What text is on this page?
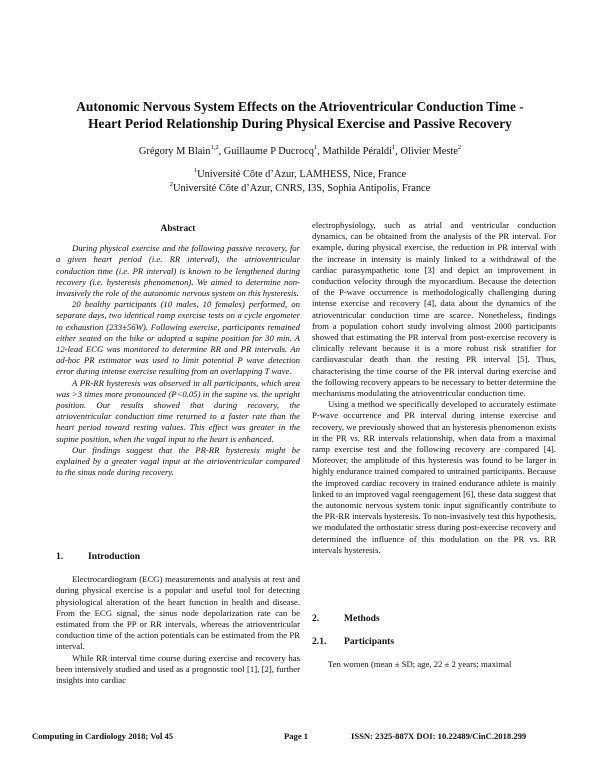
Autonomic Nervous System Effects on the Atrioventricular Conduction Time -
Heart Period Relationship During Physical Exercise and Passive Recovery
Grégory M Blain$^{1,2}$, Guillaume P Ducrocq$^1$, Mathilde Péraldi$^1$, Olivier Meste$^2$
$^1$Université Côte d’Azur, LAMHESS, Nice, France
$^2$Université Côte d’Azur, CNRS, I3S, Sophia Antipolis, France
Abstract

During physical exercise and the following passive recovery, for a given heart period (i.e. RR interval), the atrioventricular conduction time (i.e. PR interval) is known to be lengthened during recovery (i.e. hysteresis phenomenon). We aimed to determine non-invasively the role of the autonomic nervous system on this hysteresis.

20 healthy participants (10 males, 10 females) performed, on separate days, two identical ramp exercise tests on a cycle ergometer to exhaustion (233±56W). Following exercise, participants remained either seated on the bike or adopted a supine position for 30 min. A 12-lead ECG was monitored to determine RR and PR intervals. An ad-hoc PR estimator was used to limit potential P wave detection error during intense exercise resulting from an overlapping T wave.

A PR-RR hysteresis was observed in all participants, which area was >3 times more pronounced (P<0.05) in the supine vs. the upright position. Our results showed that during recovery, the atrioventricular conduction time returned to a faster rate than the heart period toward resting values. This effect was greater in the supine position, when the vagal input to the heart is enhanced.

Our findings suggest that the PR-RR hysteresis might be explained by a greater vagal input at the atrioventricular compared to the sinus node during recovery.

1.	Introduction

Electrocardiogram (ECG) measurements and analysis at rest and during physical exercise is a popular and useful tool for detecting physiological alteration of the heart function in health and disease. From the ECG signal, the sinus node depolarization rate can be estimated from the PP or RR intervals, whereas the atrioventricular conduction time of the action potentials can be estimated from the PR interval.

While RR interval time course during exercise and recovery has been intensively studied and used as a prognostic tool [1], [2], further insights into cardiac

electrophysiology, such as atrial and ventricular conduction dynamics, can be obtained from the analysis of the PR interval. For example, during physical exercise, the reduction in PR interval with the increase in intensity is mainly linked to a withdrawal of the cardiac parasympathetic tone [3] and depict an improvement in conduction velocity through the myocardium. Because the detection of the P-wave occurrence is methodologically challenging during intense exercise and recovery [4], data about the dynamics of the atrioventricular conduction time are scarce. Nonetheless, findings from a population cohort study involving almost 2000 participants showed that estimating the PR interval from post-exercise recovery is clinically relevant because it is a more robust risk stratifier for cardiovascular death than the resting PR interval [5]. Thus, characterising the time course of the PR interval during exercise and the following recovery appears to be necessary to better determine the mechanisms modulating the atrioventricular conduction time.

Using a method we specifically developed to accurately estimate P-wave occurrence and PR interval during intense exercise and recovery, we previously showed that an hysteresis phenomenon exists in the PR vs. RR intervals relationship, when data from a maximal ramp exercise test and the following recovery are compared [4]. Moreover, the amplitude of this hysteresis was found to be larger in highly endurance trained compared to untrained participants. Because the improved cardiac recovery in trained endurance athlete is mainly linked to an improved vagal reengagement [6], these data suggest that the autonomic nervous system tonic input significantly contribute to the PR-RR intervals hysteresis. To non-invasively test this hypothesis, we modulated the orthostatic stress during post-exercise recovery and determined the influence of this modulation on the PR vs. RR intervals hysteresis.

2.	Methods
2.1. Participants

Ten women (mean ± SD; age, 22 ± 2 years; maximal

Computing in Cardiology 2018; Vol 45	Page 1	ISSN: 2325-887X DOI: 10.22489/CinC.2018.299
